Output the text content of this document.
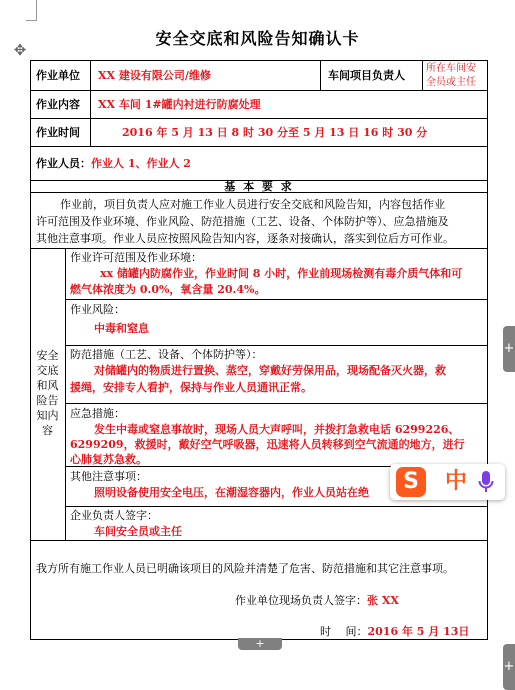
✥
安全交底和风险告知确认卡
作业单位 XX 建设有限公司/维修	车间项目负责人
所在车间安
全员或主任
作业内容 XX 车间 1#罐内衬进行防腐处理
作业时间	2016 年 5 月 13 日 8 时 30 分至 5 月 13 日 16 时 30 分
作业人员：作业人 1、作业人 2
基 本 要 求
作业前，项目负责人应对施工作业人员进行安全交底和风险告知，内容包括作业
许可范围及作业环境、作业风险、防范措施（工艺、设备、个体防护等）、应急措施及
其他注意事项。作业人员应按照风险告知内容，逐条对接确认，落实到位后方可作业。
安全
交底
和风
险告
知内
容
作业许可范围及作业环境：
xx 储罐内防腐作业，作业时间 8 小时，作业前现场检测有毒介质气体和可
燃气体浓度为 0.0%，氧含量 20.4%。
作业风险：
中毒和窒息
防范措施（工艺、设备、个体防护等）：
对储罐内的物质进行置换、蒸空，穿戴好劳保用品，现场配备灭火器，救
援绳，安排专人看护，保持与作业人员通讯正常。
应急措施：
发生中毒或窒息事故时，现场人员大声呼叫，并拨打急救电话 6299226、
6299209，救援时，戴好空气呼吸器，迅速将人员转移到空气流通的地方，进行
心肺复苏急救。
其他注意事项：
照明设备使用安全电压，在潮湿容器内，作业人员站在绝
企业负责人签字：
车间安全员或主任
我方所有施工作业人员已明确该项目的风险并清楚了危害、防范措施和其它注意事项。
作业单位现场负责人签字：张 XX
时　 间：2016 年 5 月 13日
+
+
+
S	中
